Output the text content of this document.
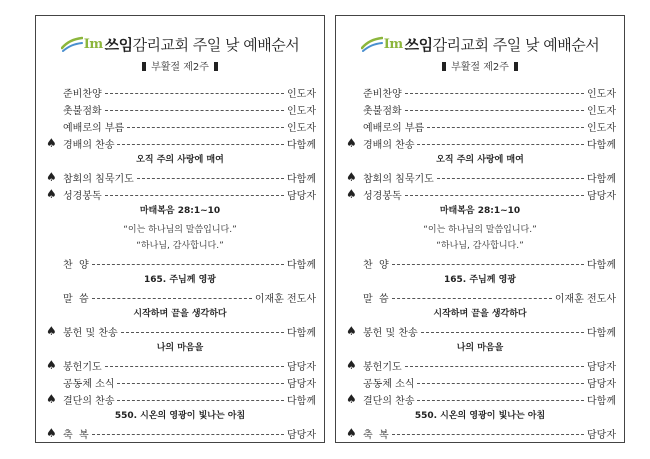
Im 쓰임 감리교회 주일 낮 예배순서
부활절 제2주
준비찬양	인도자
촛불점화	인도자
예배로의 부름	인도자
♠ 경배의 찬송	다함께
오직 주의 사랑에 매여
♠ 참회의 침묵기도	다함께
♠ 성경봉독	담당자
마태복음 28:1~10
“이는 하나님의 말씀입니다.”
“하나님, 감사합니다.”
찬  양	다함께
165. 주님께 영광
말  씀	이재훈 전도사
시작하며 끝을 생각하다
♠ 봉헌 및 찬송	다함께
나의 마음을
♠ 봉헌기도	담당자
공동체 소식	담당자
♠ 결단의 찬송	다함께
550. 시온의 영광이 빛나는 아침
♠ 축  복	담당자
Im 쓰임 감리교회 주일 낮 예배순서
부활절 제2주
준비찬양	인도자
촛불점화	인도자
예배로의 부름	인도자
♠ 경배의 찬송	다함께
오직 주의 사랑에 매여
♠ 참회의 침묵기도	다함께
♠ 성경봉독	담당자
마태복음 28:1~10
“이는 하나님의 말씀입니다.”
“하나님, 감사합니다.”
찬  양	다함께
165. 주님께 영광
말  씀	이재훈 전도사
시작하며 끝을 생각하다
♠ 봉헌 및 찬송	다함께
나의 마음을
♠ 봉헌기도	담당자
공동체 소식	담당자
♠ 결단의 찬송	다함께
550. 시온의 영광이 빛나는 아침
♠ 축  복	담당자
